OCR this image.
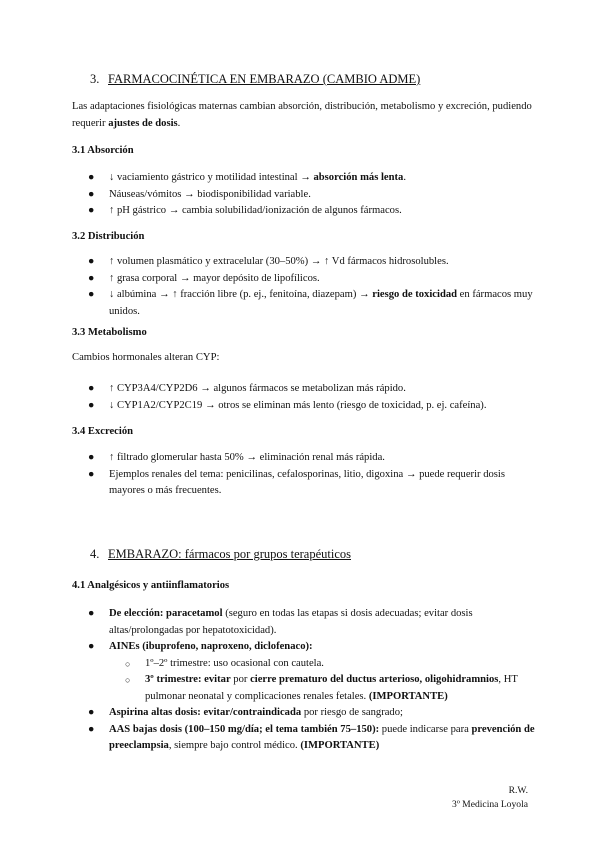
3. FARMACOCINÉTICA EN EMBARAZO (CAMBIO ADME)

Las adaptaciones fisiológicas maternas cambian absorción, distribución, metabolismo y excreción, pudiendo requerir ajustes de dosis.

3.1 Absorción
● ↓ vaciamiento gástrico y motilidad intestinal → absorción más lenta.
● Náuseas/vómitos → biodisponibilidad variable.
● ↑ pH gástrico → cambia solubilidad/ionización de algunos fármacos.
3.2 Distribución
● ↑ volumen plasmático y extracelular (30–50%) → ↑ Vd fármacos hidrosolubles.
● ↑ grasa corporal → mayor depósito de lipofílicos.
● ↓ albúmina → ↑ fracción libre (p. ej., fenitoína, diazepam) → riesgo de toxicidad en fármacos muy unidos.
3.3 Metabolismo

Cambios hormonales alteran CYP:

● ↑ CYP3A4/CYP2D6 → algunos fármacos se metabolizan más rápido.
● ↓ CYP1A2/CYP2C19 → otros se eliminan más lento (riesgo de toxicidad, p. ej. cafeína).
3.4 Excreción
● ↑ filtrado glomerular hasta 50% → eliminación renal más rápida.
● Ejemplos renales del tema: penicilinas, cefalosporinas, litio, digoxina → puede requerir dosis mayores o más frecuentes.
4. EMBARAZO: fármacos por grupos terapéuticos
4.1 Analgésicos y antiinflamatorios
● De elección: paracetamol (seguro en todas las etapas si dosis adecuadas; evitar dosis altas/prolongadas por hepatotoxicidad).
● AINEs (ibuprofeno, naproxeno, diclofenaco):
○ 1º–2º trimestre: uso ocasional con cautela.
○ 3º trimestre: evitar por cierre prematuro del ductus arterioso, oligohidramnios, HT pulmonar neonatal y complicaciones renales fetales. (IMPORTANTE)
● Aspirina altas dosis: evitar/contraindicada por riesgo de sangrado;
● AAS bajas dosis (100–150 mg/día; el tema también 75–150): puede indicarse para prevención de preeclampsia, siempre bajo control médico. (IMPORTANTE)
R.W.
3º Medicina Loyola
